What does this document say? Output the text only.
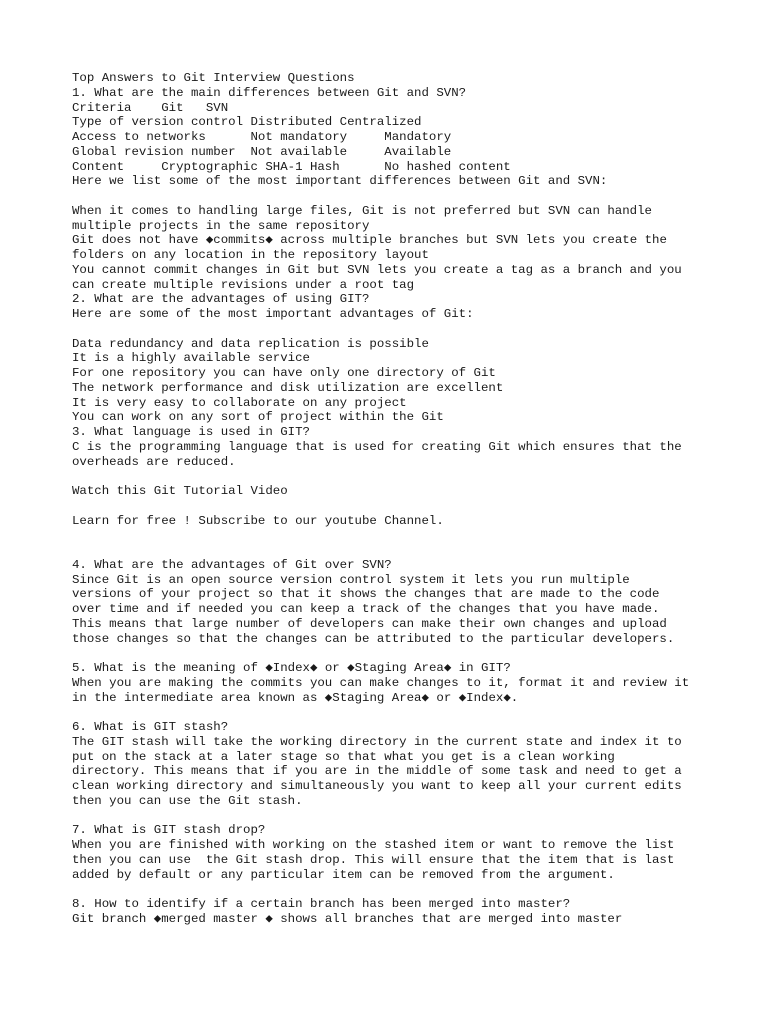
Top Answers to Git Interview Questions
1. What are the main differences between Git and SVN?
Criteria    Git   SVN
Type of version control Distributed Centralized
Access to networks      Not mandatory     Mandatory
Global revision number  Not available     Available
Content     Cryptographic SHA-1 Hash      No hashed content
Here we list some of the most important differences between Git and SVN:
When it comes to handling large files, Git is not preferred but SVN can handle
multiple projects in the same repository
Git does not have ◆commits◆ across multiple branches but SVN lets you create the
folders on any location in the repository layout
You cannot commit changes in Git but SVN lets you create a tag as a branch and you
can create multiple revisions under a root tag
2. What are the advantages of using GIT?
Here are some of the most important advantages of Git:
Data redundancy and data replication is possible
It is a highly available service
For one repository you can have only one directory of Git
The network performance and disk utilization are excellent
It is very easy to collaborate on any project
You can work on any sort of project within the Git
3. What language is used in GIT?
C is the programming language that is used for creating Git which ensures that the
overheads are reduced.
Watch this Git Tutorial Video
Learn for free ! Subscribe to our youtube Channel.
4. What are the advantages of Git over SVN?
Since Git is an open source version control system it lets you run multiple
versions of your project so that it shows the changes that are made to the code
over time and if needed you can keep a track of the changes that you have made.
This means that large number of developers can make their own changes and upload
those changes so that the changes can be attributed to the particular developers.
5. What is the meaning of ◆Index◆ or ◆Staging Area◆ in GIT?
When you are making the commits you can make changes to it, format it and review it
in the intermediate area known as ◆Staging Area◆ or ◆Index◆.
6. What is GIT stash?
The GIT stash will take the working directory in the current state and index it to
put on the stack at a later stage so that what you get is a clean working
directory. This means that if you are in the middle of some task and need to get a
clean working directory and simultaneously you want to keep all your current edits
then you can use the Git stash.
7. What is GIT stash drop?
When you are finished with working on the stashed item or want to remove the list
then you can use  the Git stash drop. This will ensure that the item that is last
added by default or any particular item can be removed from the argument.
8. How to identify if a certain branch has been merged into master?
Git branch ◆merged master ◆ shows all branches that are merged into master
